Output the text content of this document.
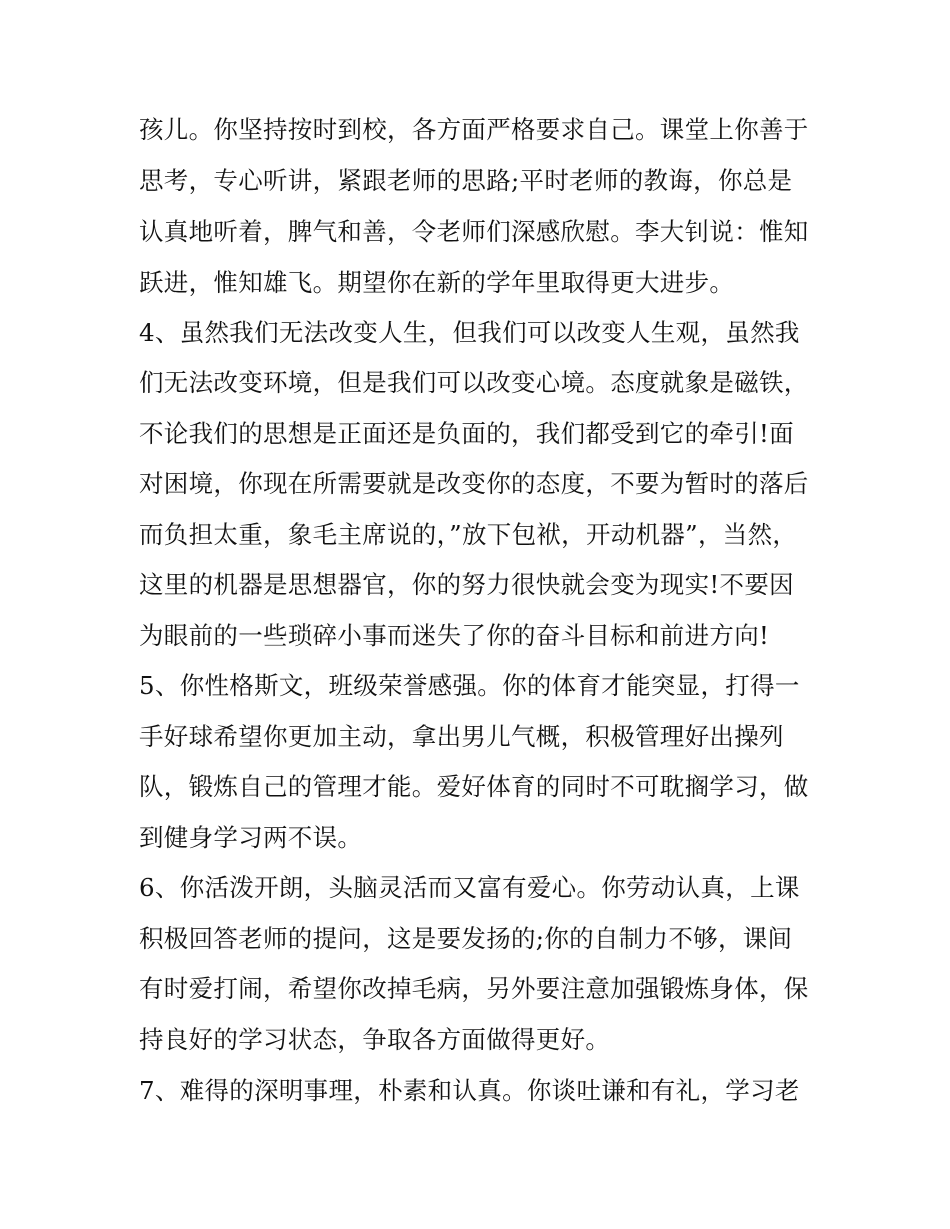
孩儿。你坚持按时到校，各方面严格要求自己。课堂上你善于
思考，专心听讲，紧跟老师的思路;平时老师的教诲，你总是
认真地听着，脾气和善，令老师们深感欣慰。李大钊说：惟知
跃进，惟知雄飞。期望你在新的学年里取得更大进步。
4、虽然我们无法改变人生，但我们可以改变人生观，虽然我
们无法改变环境，但是我们可以改变心境。态度就象是磁铁，
不论我们的思想是正面还是负面的，我们都受到它的牵引!面
对困境，你现在所需要就是改变你的态度，不要为暂时的落后
而负担太重，象毛主席说的，”放下包袱，开动机器”，当然，
这里的机器是思想器官，你的努力很快就会变为现实!不要因
为眼前的一些琐碎小事而迷失了你的奋斗目标和前进方向!
5、你性格斯文，班级荣誉感强。你的体育才能突显，打得一
手好球希望你更加主动，拿出男儿气概，积极管理好出操列
队，锻炼自己的管理才能。爱好体育的同时不可耽搁学习，做
到健身学习两不误。
6、你活泼开朗，头脑灵活而又富有爱心。你劳动认真，上课
积极回答老师的提问，这是要发扬的;你的自制力不够，课间
有时爱打闹，希望你改掉毛病，另外要注意加强锻炼身体，保
持良好的学习状态，争取各方面做得更好。
7、难得的深明事理，朴素和认真。你谈吐谦和有礼，学习老
